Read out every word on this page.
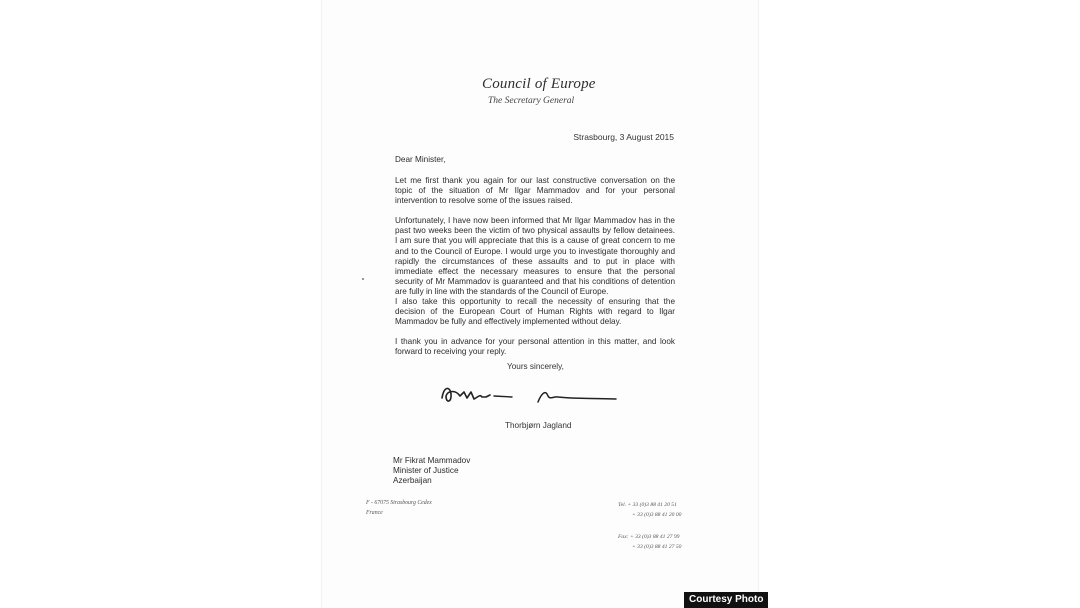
Council of Europe
The Secretary General
Strasbourg, 3 August 2015
Dear Minister,
Let me first thank you again for our last constructive conversation on the topic of the situation of Mr Ilgar Mammadov and for your personal intervention to resolve some of the issues raised.
Unfortunately, I have now been informed that Mr Ilgar Mammadov has in the past two weeks been the victim of two physical assaults by fellow detainees. I am sure that you will appreciate that this is a cause of great concern to me and to the Council of Europe. I would urge you to investigate thoroughly and rapidly the circumstances of these assaults and to put in place with immediate effect the necessary measures to ensure that the personal security of Mr Mammadov is guaranteed and that his conditions of detention are fully in line with the standards of the Council of Europe.
I also take this opportunity to recall the necessity of ensuring that the decision of the European Court of Human Rights with regard to Ilgar Mammadov be fully and effectively implemented without delay.
I thank you in advance for your personal attention in this matter, and look forward to receiving your reply.
Yours sincerely,
Thorbjørn Jagland
Mr Fikrat Mammadov
Minister of Justice
Azerbaijan
F - 67075 Strasbourg Cedex
France
Tel. + 33 (0)3 88 41 20 51
+ 33 (0)3 88 41 20 00
Fax: + 33 (0)3 88 41 27 99
+ 33 (0)3 88 41 27 50
Courtesy Photo
